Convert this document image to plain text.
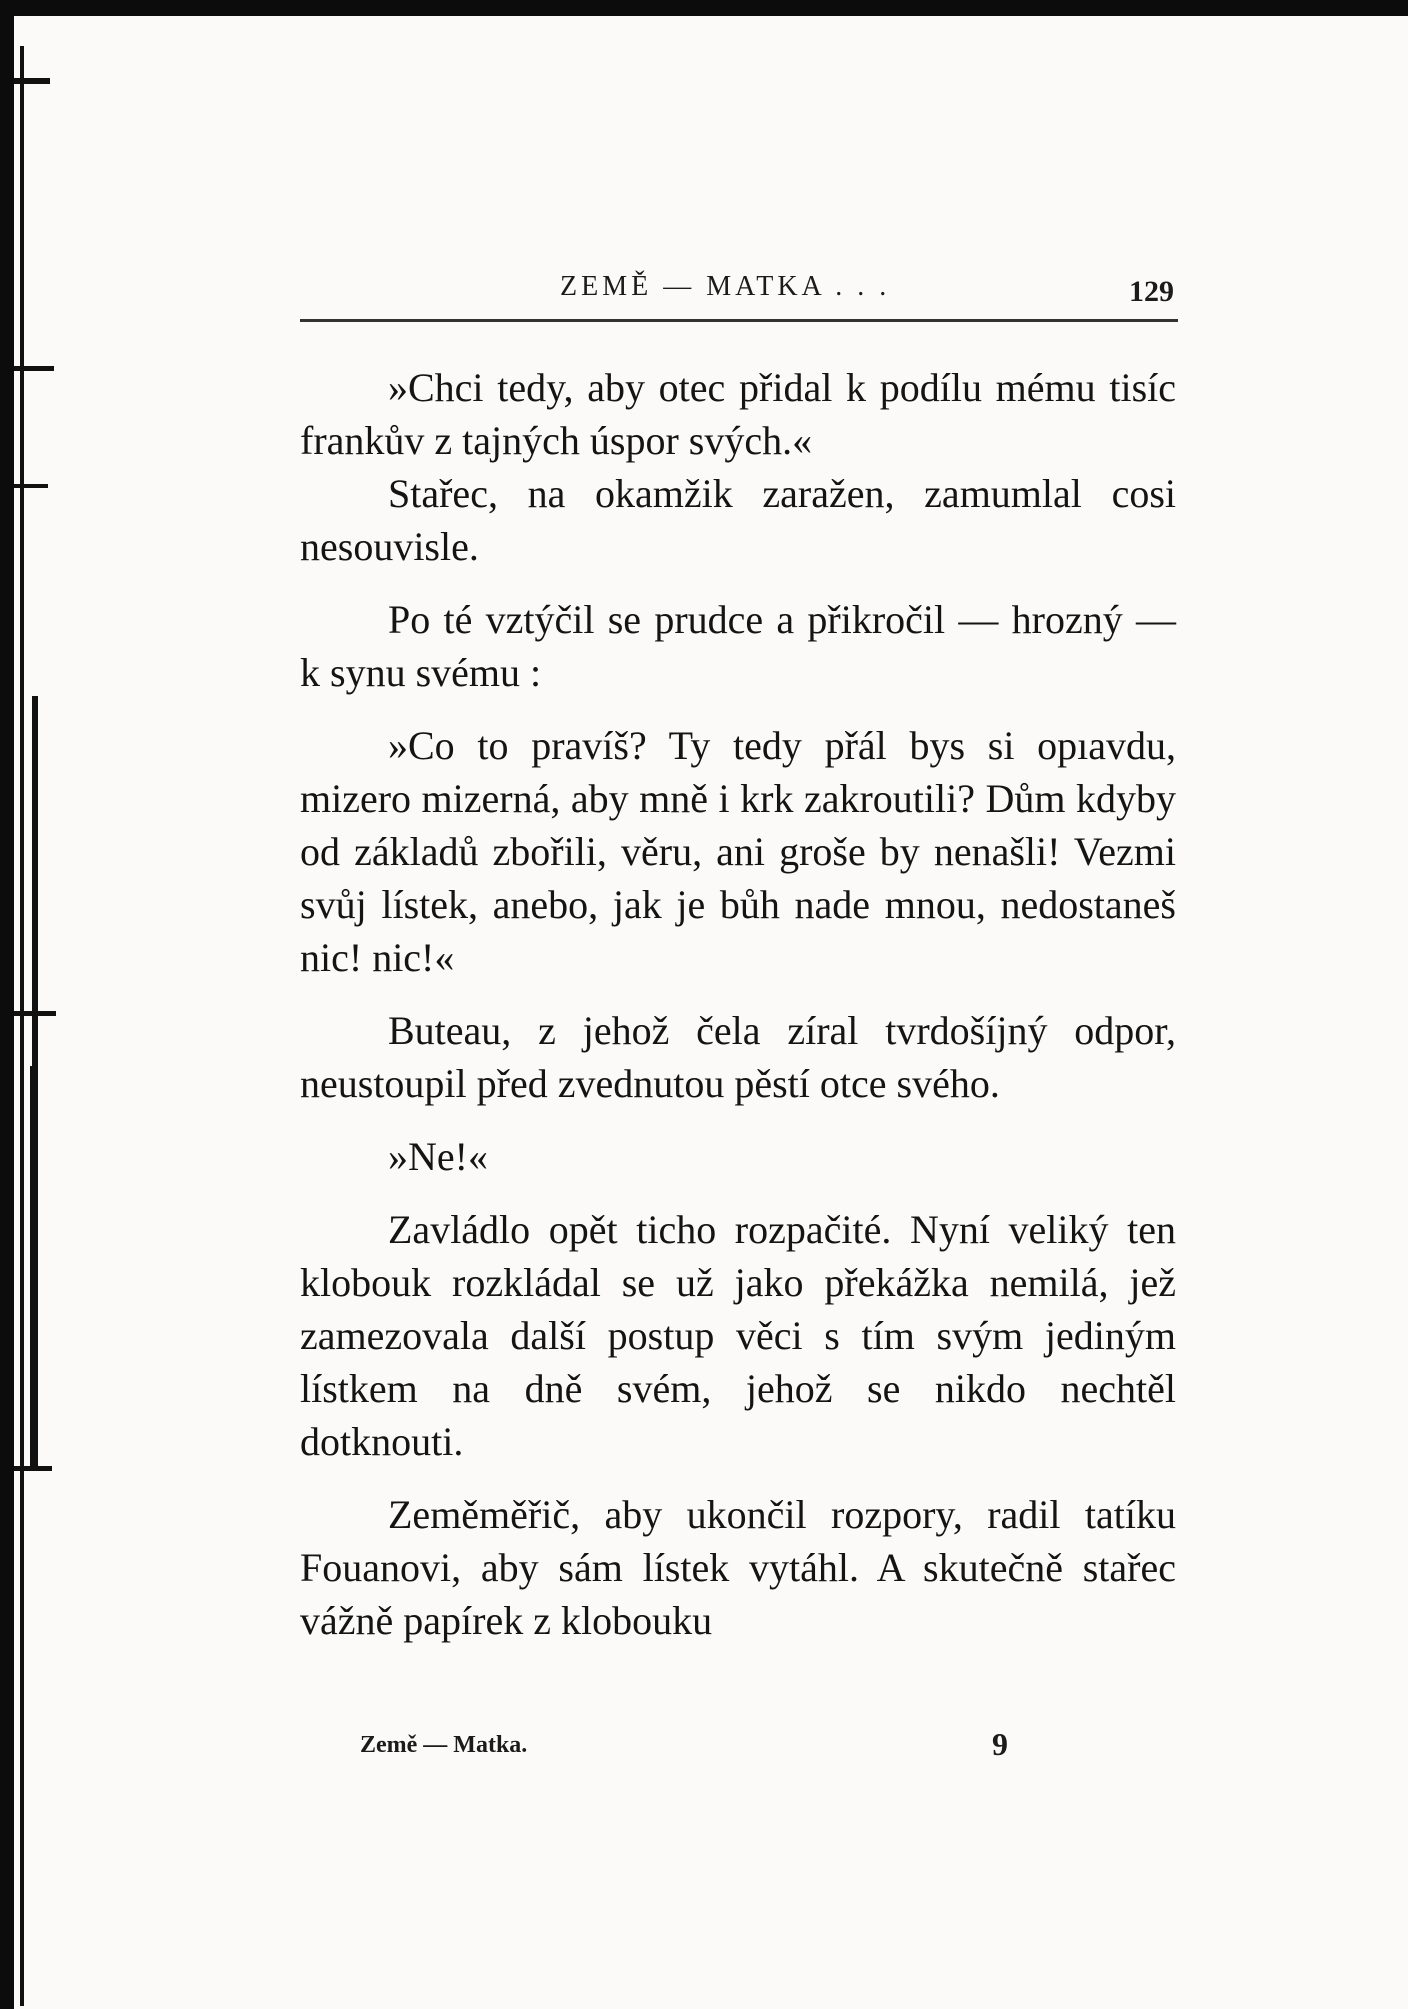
ZEMĚ — MATKA . . .	129

»Chci tedy, aby otec přidal k podílu mému tisíc frankův z tajných úspor svých.«

Stařec, na okamžik zaražen, zamumlal cosi nesouvisle.

Po té vztýčil se prudce a přikročil — hrozný — k synu svému :

»Co to pravíš? Ty tedy přál bys si opıavdu, mizero mizerná, aby mně i krk zakroutili? Dům kdyby od základů zbořili, věru, ani groše by nenašli! Vezmi svůj lístek, anebo, jak je bůh nade mnou, nedostaneš nic! nic!«

Buteau, z jehož čela zíral tvrdošíjný odpor, neustoupil před zvednutou pěstí otce svého.

»Ne!«

Zavládlo opět ticho rozpačité. Nyní veliký ten klobouk rozkládal se už jako překážka nemilá, jež zamezovala další postup věci s tím svým jediným lístkem na dně svém, jehož se nikdo nechtěl dotknouti.

Zeměměřič, aby ukončil rozpory, radil tatíku Fouanovi, aby sám lístek vytáhl. A skutečně stařec vážně papírek z klobouku

Země — Matka.	9
